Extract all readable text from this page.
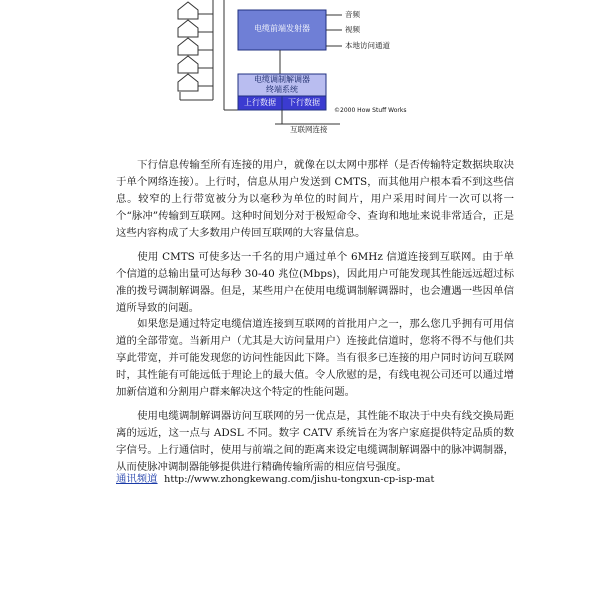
电缆前端发射器
音频
视频
本地访问通道
电缆调制解调器
终端系统
上行数据	下行数据
©2000 How Stuff Works
互联网连接

下行信息传输至所有连接的用户，就像在以太网中那样（是否传输特定数据块取决于单个网络连接）。上行时，信息从用户发送到 CMTS，而其他用户根本看不到这些信息。较窄的上行带宽被分为以毫秒为单位的时间片，用户采用时间片一次可以将一个“脉冲”传输到互联网。这种时间划分对于极短命令、查询和地址来说非常适合，正是这些内容构成了大多数用户传回互联网的大容量信息。

使用 CMTS 可使多达一千名的用户通过单个 6MHz 信道连接到互联网。由于单个信道的总输出量可达每秒 30-40 兆位(Mbps)，因此用户可能发现其性能远远超过标准的拨号调制解调器。但是，某些用户在使用电缆调制解调器时，也会遭遇一些因单信道所导致的问题。

如果您是通过特定电缆信道连接到互联网的首批用户之一，那么您几乎拥有可用信道的全部带宽。当新用户（尤其是大访问量用户）连接此信道时，您将不得不与他们共享此带宽，并可能发现您的访问性能因此下降。当有很多已连接的用户同时访问互联网时，其性能有可能远低于理论上的最大值。令人欣慰的是，有线电视公司还可以通过增加新信道和分割用户群来解决这个特定的性能问题。

使用电缆调制解调器访问互联网的另一优点是，其性能不取决于中央有线交换局距离的远近，这一点与 ADSL 不同。数字 CATV 系统旨在为客户家庭提供特定品质的数字信号。上行通信时，使用与前端之间的距离来设定电缆调制解调器中的脉冲调制器，从而使脉冲调制器能够提供进行精确传输所需的相应信号强度。

通讯频道 http://www.zhongkewang.com/jishu-tongxun-cp-isp-mat
